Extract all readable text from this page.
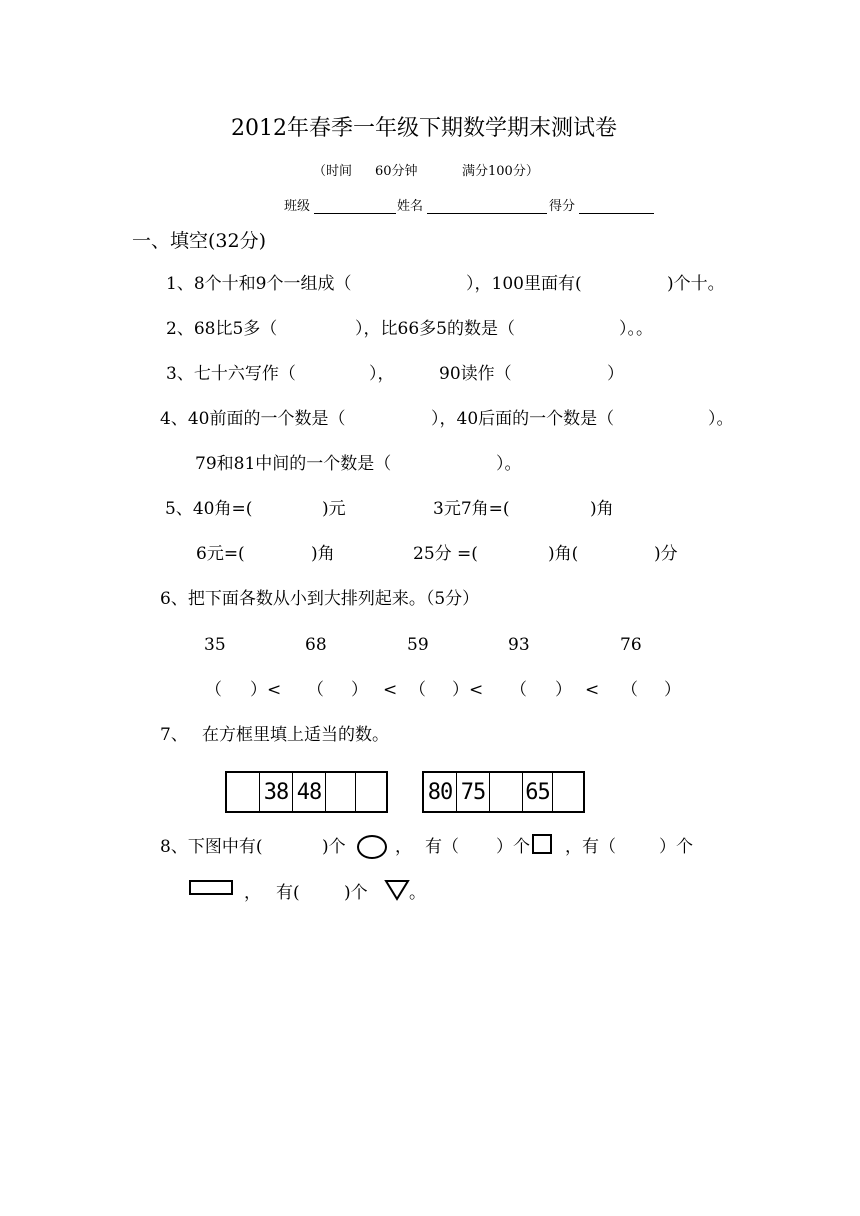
2012年春季一年级下期数学期末测试卷
（时间 60分钟	满分100分）
班级	姓名	得分
一、填空(32分)
1、8个十和9个一组成（	），100里面有(	)个十。
2、68比5多（	），比66多5的数是（	）。。
3、七十六写作（	），	90读作（	）
4、40前面的一个数是（	），40后面的一个数是（	）。
79和81中间的一个数是（	）。
5、40角=(	)元	3元7角=(	)角
6元=(	)角	25分 =(	)角(	)分
6、把下面各数从小到大排列起来。（5分）
35	68	59	93	76
（ ）< （ ） < （ ）< （ ） < （ ）
7、 在方框里填上适当的数。
38 48	80 75 65
8、下图中有(	)个	， 有（ ）个 ，有（	）个
， 有(	)个 。
